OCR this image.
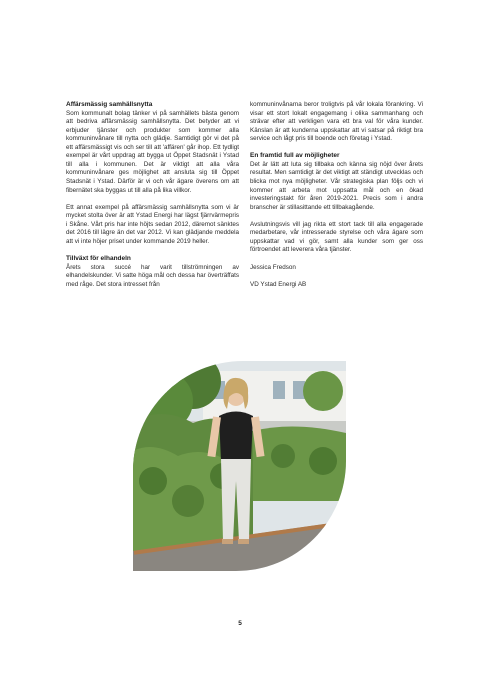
Affärsmässig samhällsnytta

Som kommunalt bolag tänker vi på samhällets bästa genom att bedriva affärsmässig samhällsnytta. Det betyder att vi erbjuder tjänster och produkter som kommer alla kommuninvånare till nytta och glädje. Samtidigt gör vi det på ett affärsmässigt vis och ser till att 'affären' går ihop. Ett tydligt exempel är vårt uppdrag att bygga ut Öppet Stadsnät i Ystad till alla i kommunen. Det är viktigt att alla våra kommuninvånare ges möjlighet att ansluta sig till Öppet Stadsnät i Ystad. Därför är vi och vår ägare överens om att fibernätet ska byggas ut till alla på lika villkor.

Ett annat exempel på affärsmässig samhällsnytta som vi är mycket stolta över är att Ystad Energi har lägst fjärrvärmepris i Skåne. Vårt pris har inte höjts sedan 2012, däremot sänktes det 2016 till lägre än det var 2012. Vi kan glädjande meddela att vi inte höjer priset under kommande 2019 heller.

Tillväxt för elhandeln

Årets stora succé har varit tillströmningen av elhandelskunder. Vi satte höga mål och dessa har överträffats med råge. Det stora intresset från

kommuninvånarna beror troligtvis på vår lokala förankring. Vi visar ett stort lokalt engagemang i olika sammanhang och strävar efter att verkligen vara ett bra val för våra kunder. Känslan är att kunderna uppskattar att vi satsar på riktigt bra service och lågt pris till boende och företag i Ystad.

En framtid full av möjligheter

Det är lätt att luta sig tillbaka och känna sig nöjd över årets resultat. Men samtidigt är det viktigt att ständigt utvecklas och blicka mot nya möjligheter. Vår strategiska plan följs och vi kommer att arbeta mot uppsatta mål och en ökad investeringstakt för åren 2019-2021. Precis som i andra branscher är stillasittande ett tillbakagående.

Avslutningsvis vill jag rikta ett stort tack till alla engagerade medarbetare, vår intresserade styrelse och våra ägare som uppskattar vad vi gör, samt alla kunder som ger oss förtroendet att leverera våra tjänster.

Jessica Fredson

VD Ystad Energi AB

5
